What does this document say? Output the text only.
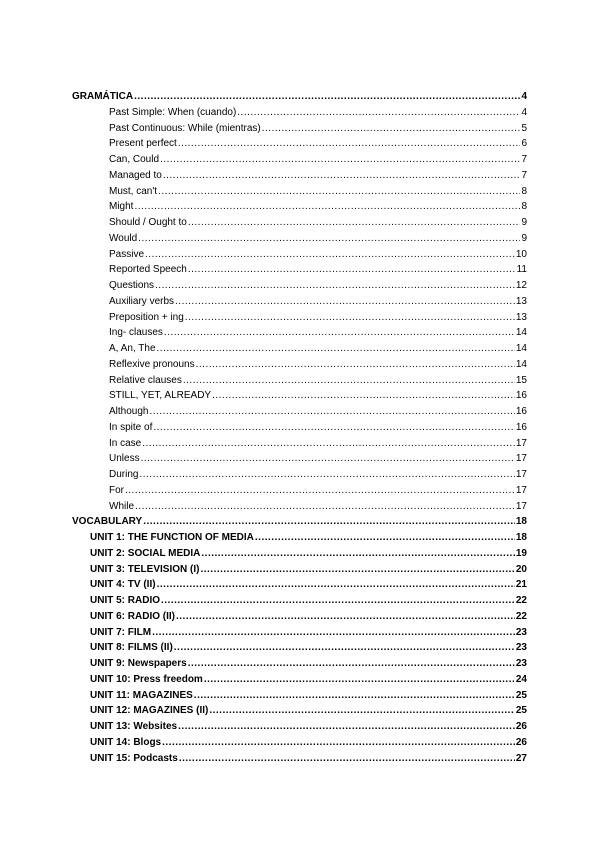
GRAMÁTICA .....	4
Past Simple: When (cuando) .....	4
Past Continuous: While (mientras) .....	5
Present perfect .....	6
Can, Could .....	7
Managed to .....	7
Must, can't .....	8
Might .....	8
Should / Ought to .....	9
Would .....	9
Passive .....	10
Reported Speech .....	11
Questions .....	12
Auxiliary verbs .....	13
Preposition + ing .....	13
Ing- clauses .....	14
A, An, The .....	14
Reflexive pronouns .....	14
Relative clauses .....	15
STILL, YET, ALREADY .....	16
Although .....	16
In spite of .....	16
In case .....	17
Unless .....	17
During .....	17
For .....	17
While .....	17
VOCABULARY .....	18
UNIT 1: THE FUNCTION OF MEDIA .....	18
UNIT 2: SOCIAL MEDIA .....	19
UNIT 3: TELEVISION (I) .....	20
UNIT 4: TV (II) .....	21
UNIT 5: RADIO .....	22
UNIT 6: RADIO (II) .....	22
UNIT 7: FILM .....	23
UNIT 8: FILMS (II) .....	23
UNIT 9: Newspapers .....	23
UNIT 10: Press freedom .....	24
UNIT 11: MAGAZINES .....	25
UNIT 12: MAGAZINES (II) .....	25
UNIT 13: Websites .....	26
UNIT 14: Blogs .....	26
UNIT 15: Podcasts .....	27
